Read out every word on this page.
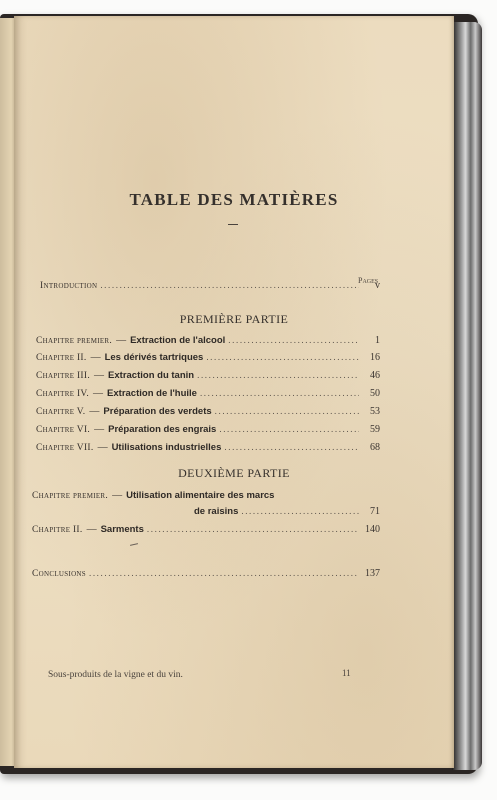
TABLE DES MATIÈRES
Pages
Introduction .....	v
PREMIÈRE PARTIE
Chapitre premier. — Extraction de l'alcool .....	1
Chapitre II. — Les dérivés tartriques .....	16
Chapitre III. — Extraction du tanin .....	46
Chapitre IV. — Extraction de l'huile .....	50
Chapitre V. — Préparation des verdets .....	53
Chapitre VI. — Préparation des engrais .....	59
Chapitre VII. — Utilisations industrielles .....	68
DEUXIÈME PARTIE
Chapitre premier. — Utilisation alimentaire des marcs
de raisins .....	71
Chapitre II. — Sarments .....	140
Conclusions .....	137
Sous-produits de la vigne et du vin.	11
